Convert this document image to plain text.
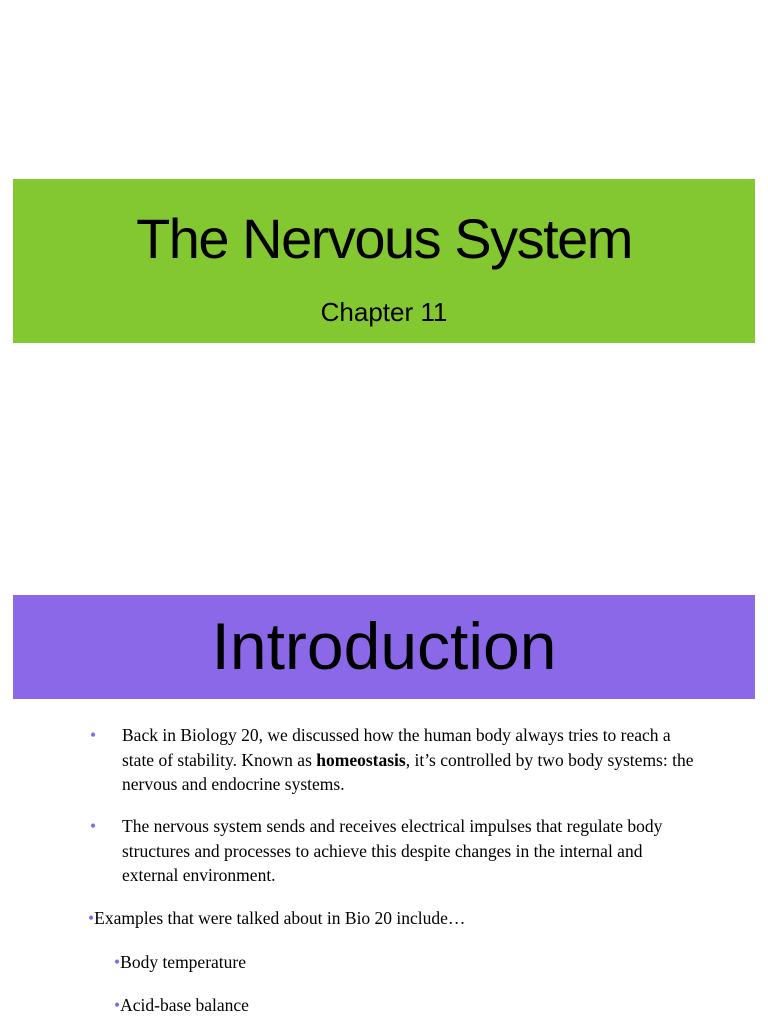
The Nervous System
Chapter 11
Introduction
• Back in Biology 20, we discussed how the human body always tries to reach a state of stability. Known as homeostasis, it’s controlled by two body systems: the nervous and endocrine systems.
• The nervous system sends and receives electrical impulses that regulate body structures and processes to achieve this despite changes in the internal and external environment.
•Examples that were talked about in Bio 20 include…
•Body temperature
•Acid-base balance
